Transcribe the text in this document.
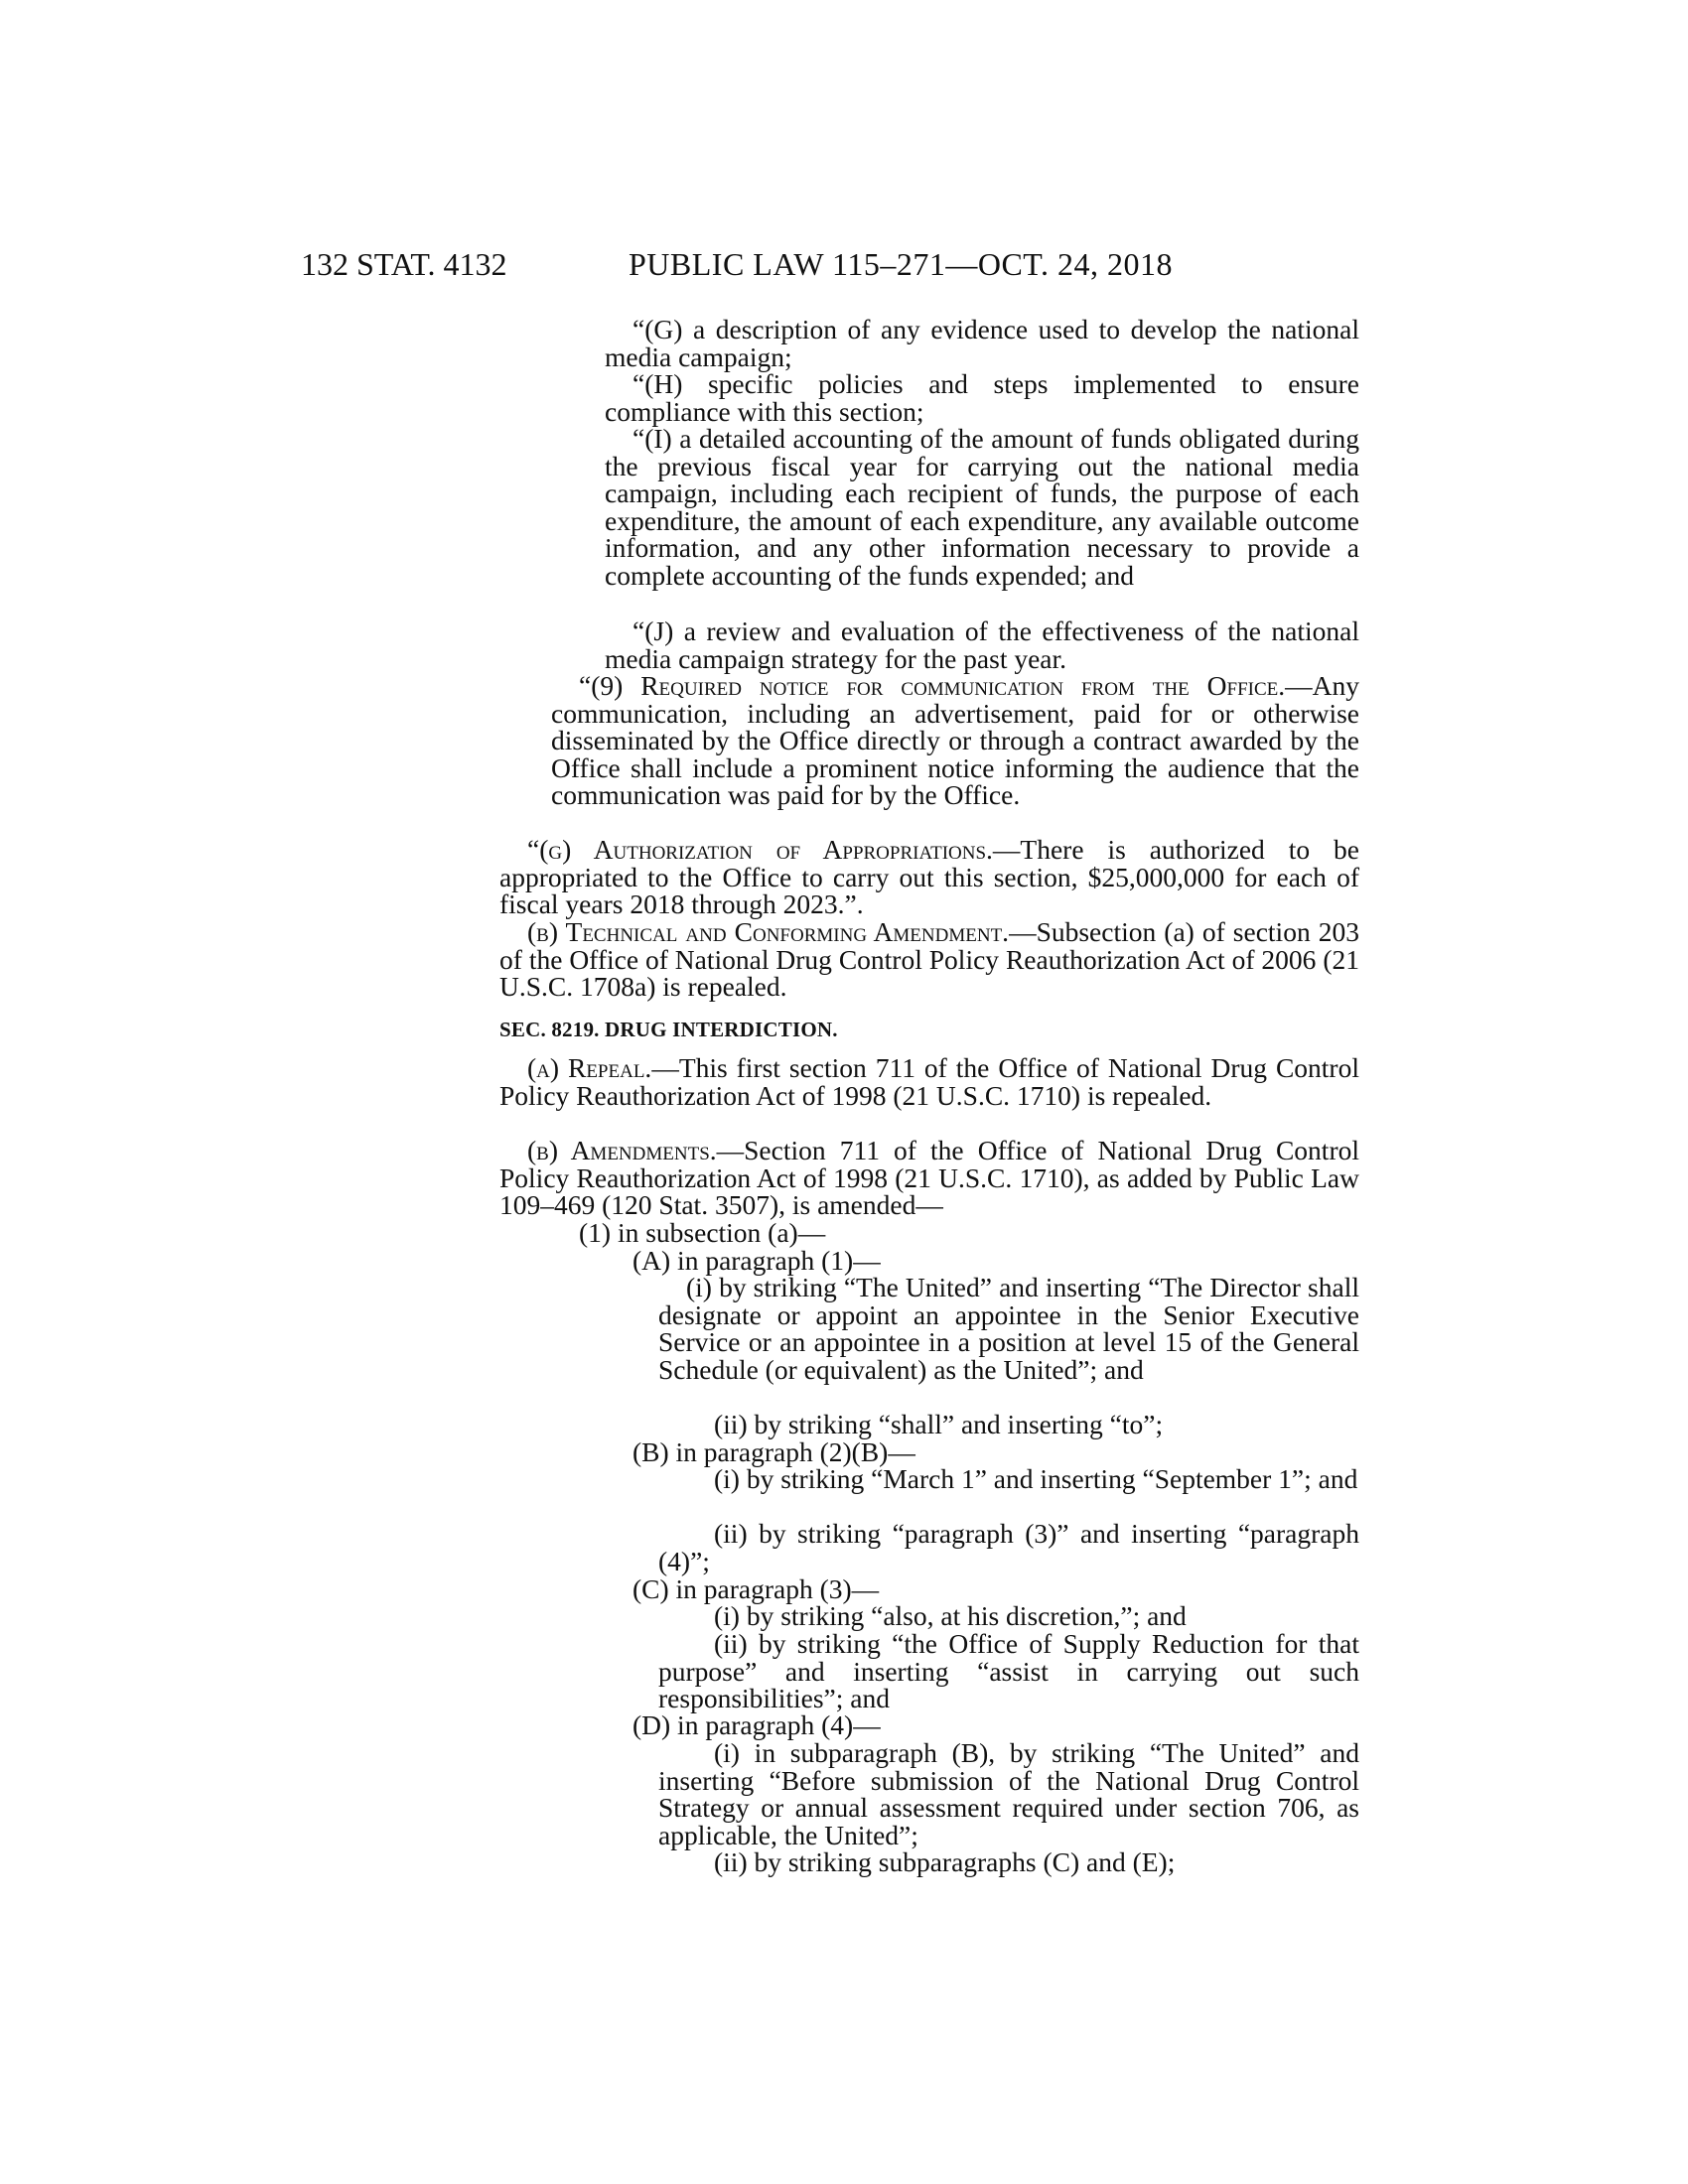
132 STAT. 4132	PUBLIC LAW 115–271—OCT. 24, 2018

“(G) a description of any evidence used to develop the national media campaign;

“(H) specific policies and steps implemented to ensure compliance with this section;

“(I) a detailed accounting of the amount of funds obligated during the previous fiscal year for carrying out the national media campaign, including each recipient of funds, the purpose of each expenditure, the amount of each expenditure, any available outcome information, and any other information necessary to provide a complete accounting of the funds expended; and

“(J) a review and evaluation of the effectiveness of the national media campaign strategy for the past year.

“(9) Required notice for communication from the Office.—Any communication, including an advertisement, paid for or otherwise disseminated by the Office directly or through a contract awarded by the Office shall include a prominent notice informing the audience that the communication was paid for by the Office.

“(g) Authorization of Appropriations.—There is authorized to be appropriated to the Office to carry out this section, $25,000,000 for each of fiscal years 2018 through 2023.”.

(b) Technical and Conforming Amendment.—Subsection (a) of section 203 of the Office of National Drug Control Policy Reauthorization Act of 2006 (21 U.S.C. 1708a) is repealed.

SEC. 8219. DRUG INTERDICTION.

(a) Repeal.—This first section 711 of the Office of National Drug Control Policy Reauthorization Act of 1998 (21 U.S.C. 1710) is repealed.

(b) Amendments.—Section 711 of the Office of National Drug Control Policy Reauthorization Act of 1998 (21 U.S.C. 1710), as added by Public Law 109–469 (120 Stat. 3507), is amended—

(1) in subsection (a)—

(A) in paragraph (1)—

(i) by striking “The United” and inserting “The Director shall designate or appoint an appointee in the Senior Executive Service or an appointee in a position at level 15 of the General Schedule (or equivalent) as the United”; and

(ii) by striking “shall” and inserting “to”;

(B) in paragraph (2)(B)—

(i) by striking “March 1” and inserting “September 1”; and

(ii) by striking “paragraph (3)” and inserting “paragraph (4)”;

(C) in paragraph (3)—

(i) by striking “also, at his discretion,”; and

(ii) by striking “the Office of Supply Reduction for that purpose” and inserting “assist in carrying out such responsibilities”; and

(D) in paragraph (4)—

(i) in subparagraph (B), by striking “The United” and inserting “Before submission of the National Drug Control Strategy or annual assessment required under section 706, as applicable, the United”;

(ii) by striking subparagraphs (C) and (E);
